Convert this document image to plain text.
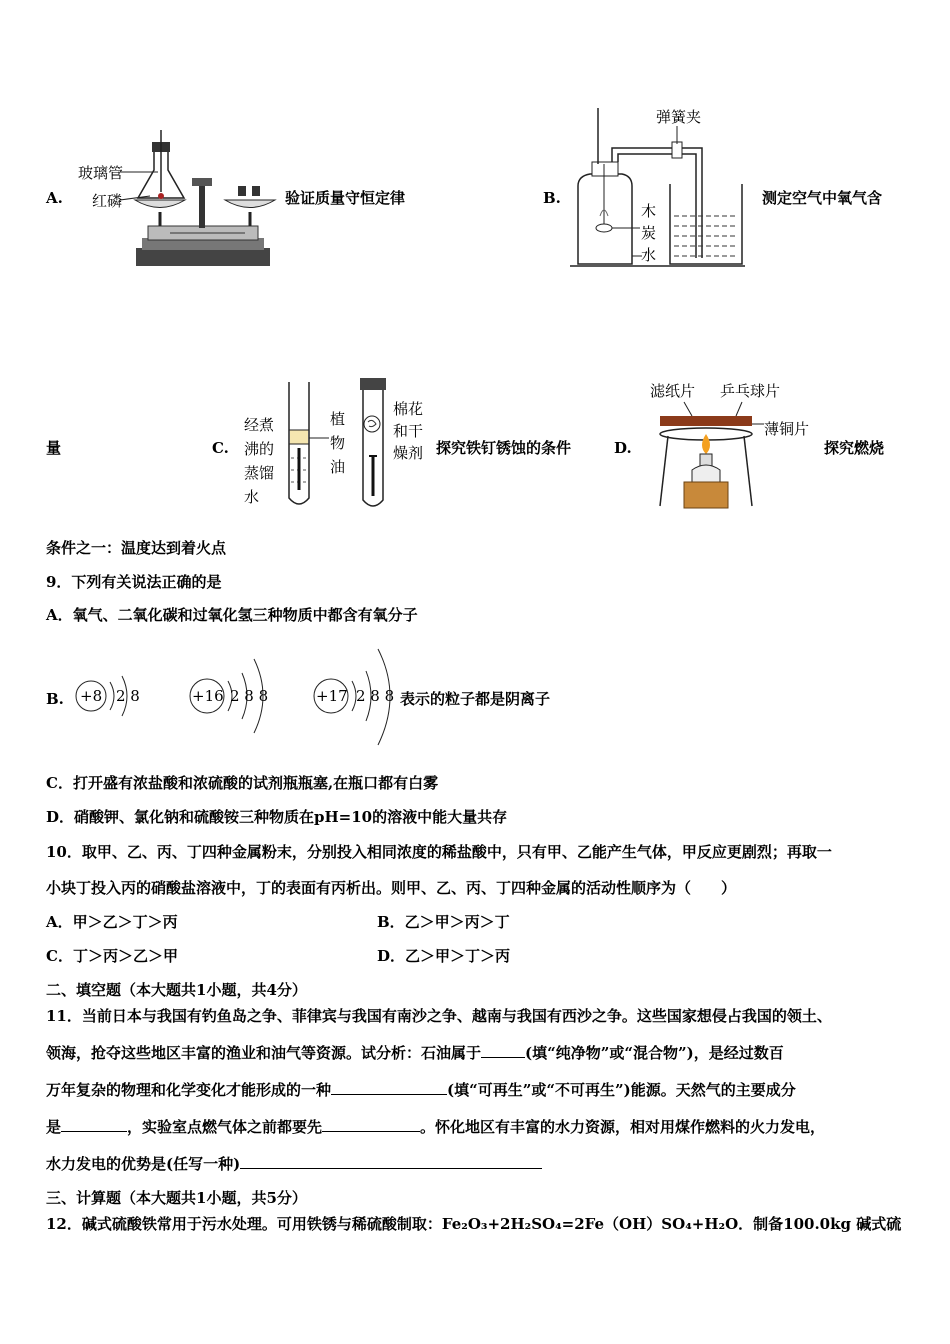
A.
玻璃管
红磷	验证质量守恒定律	B.
弹簧夹
木
炭
水
测定空气中氧气含
量	C.
经煮
沸的
蒸馏
水
植
物
油
棉花
和干
燥剂 探究铁钉锈蚀的条件	D.
滤纸片 乒乓球片
薄铜片
探究燃烧
条件之一：温度达到着火点
9．下列有关说法正确的是
A．氧气、二氧化碳和过氧化氢三种物质中都含有氧分子
B. +8 2 8	+16 2 8 8	+17 2 8 8 表示的粒子都是阴离子
C．打开盛有浓盐酸和浓硫酸的试剂瓶瓶塞,在瓶口都有白雾
D．硝酸钾、氯化钠和硫酸铵三种物质在pH=10的溶液中能大量共存
10．取甲、乙、丙、丁四种金属粉末，分别投入相同浓度的稀盐酸中，只有甲、乙能产生气体，甲反应更剧烈；再取一
小块丁投入丙的硝酸盐溶液中，丁的表面有丙析出。则甲、乙、丙、丁四种金属的活动性顺序为（　　）
A．甲＞乙＞丁＞丙	B．乙＞甲＞丙＞丁
C．丁＞丙＞乙＞甲	D．乙＞甲＞丁＞丙
二、填空题（本大题共1小题，共4分）
11．当前日本与我国有钓鱼岛之争、菲律宾与我国有南沙之争、越南与我国有西沙之争。这些国家想侵占我国的领土、
领海，抢夺这些地区丰富的渔业和油气等资源。试分析：石油属于	(填“纯净物”或“混合物”)，是经过数百
万年复杂的物理和化学变化才能形成的一种	(填“可再生”或“不可再生”)能源。天然气的主要成分
是	，实验室点燃气体之前都要先	。怀化地区有丰富的水力资源，相对用煤作燃料的火力发电，
水力发电的优势是(任写一种)
三、计算题（本大题共1小题，共5分）
12．碱式硫酸铁常用于污水处理。可用铁锈与稀硫酸制取：Fe₂O₃+2H₂SO₄=2Fe（OH）SO₄+H₂O．制备100.0kg 碱式硫
